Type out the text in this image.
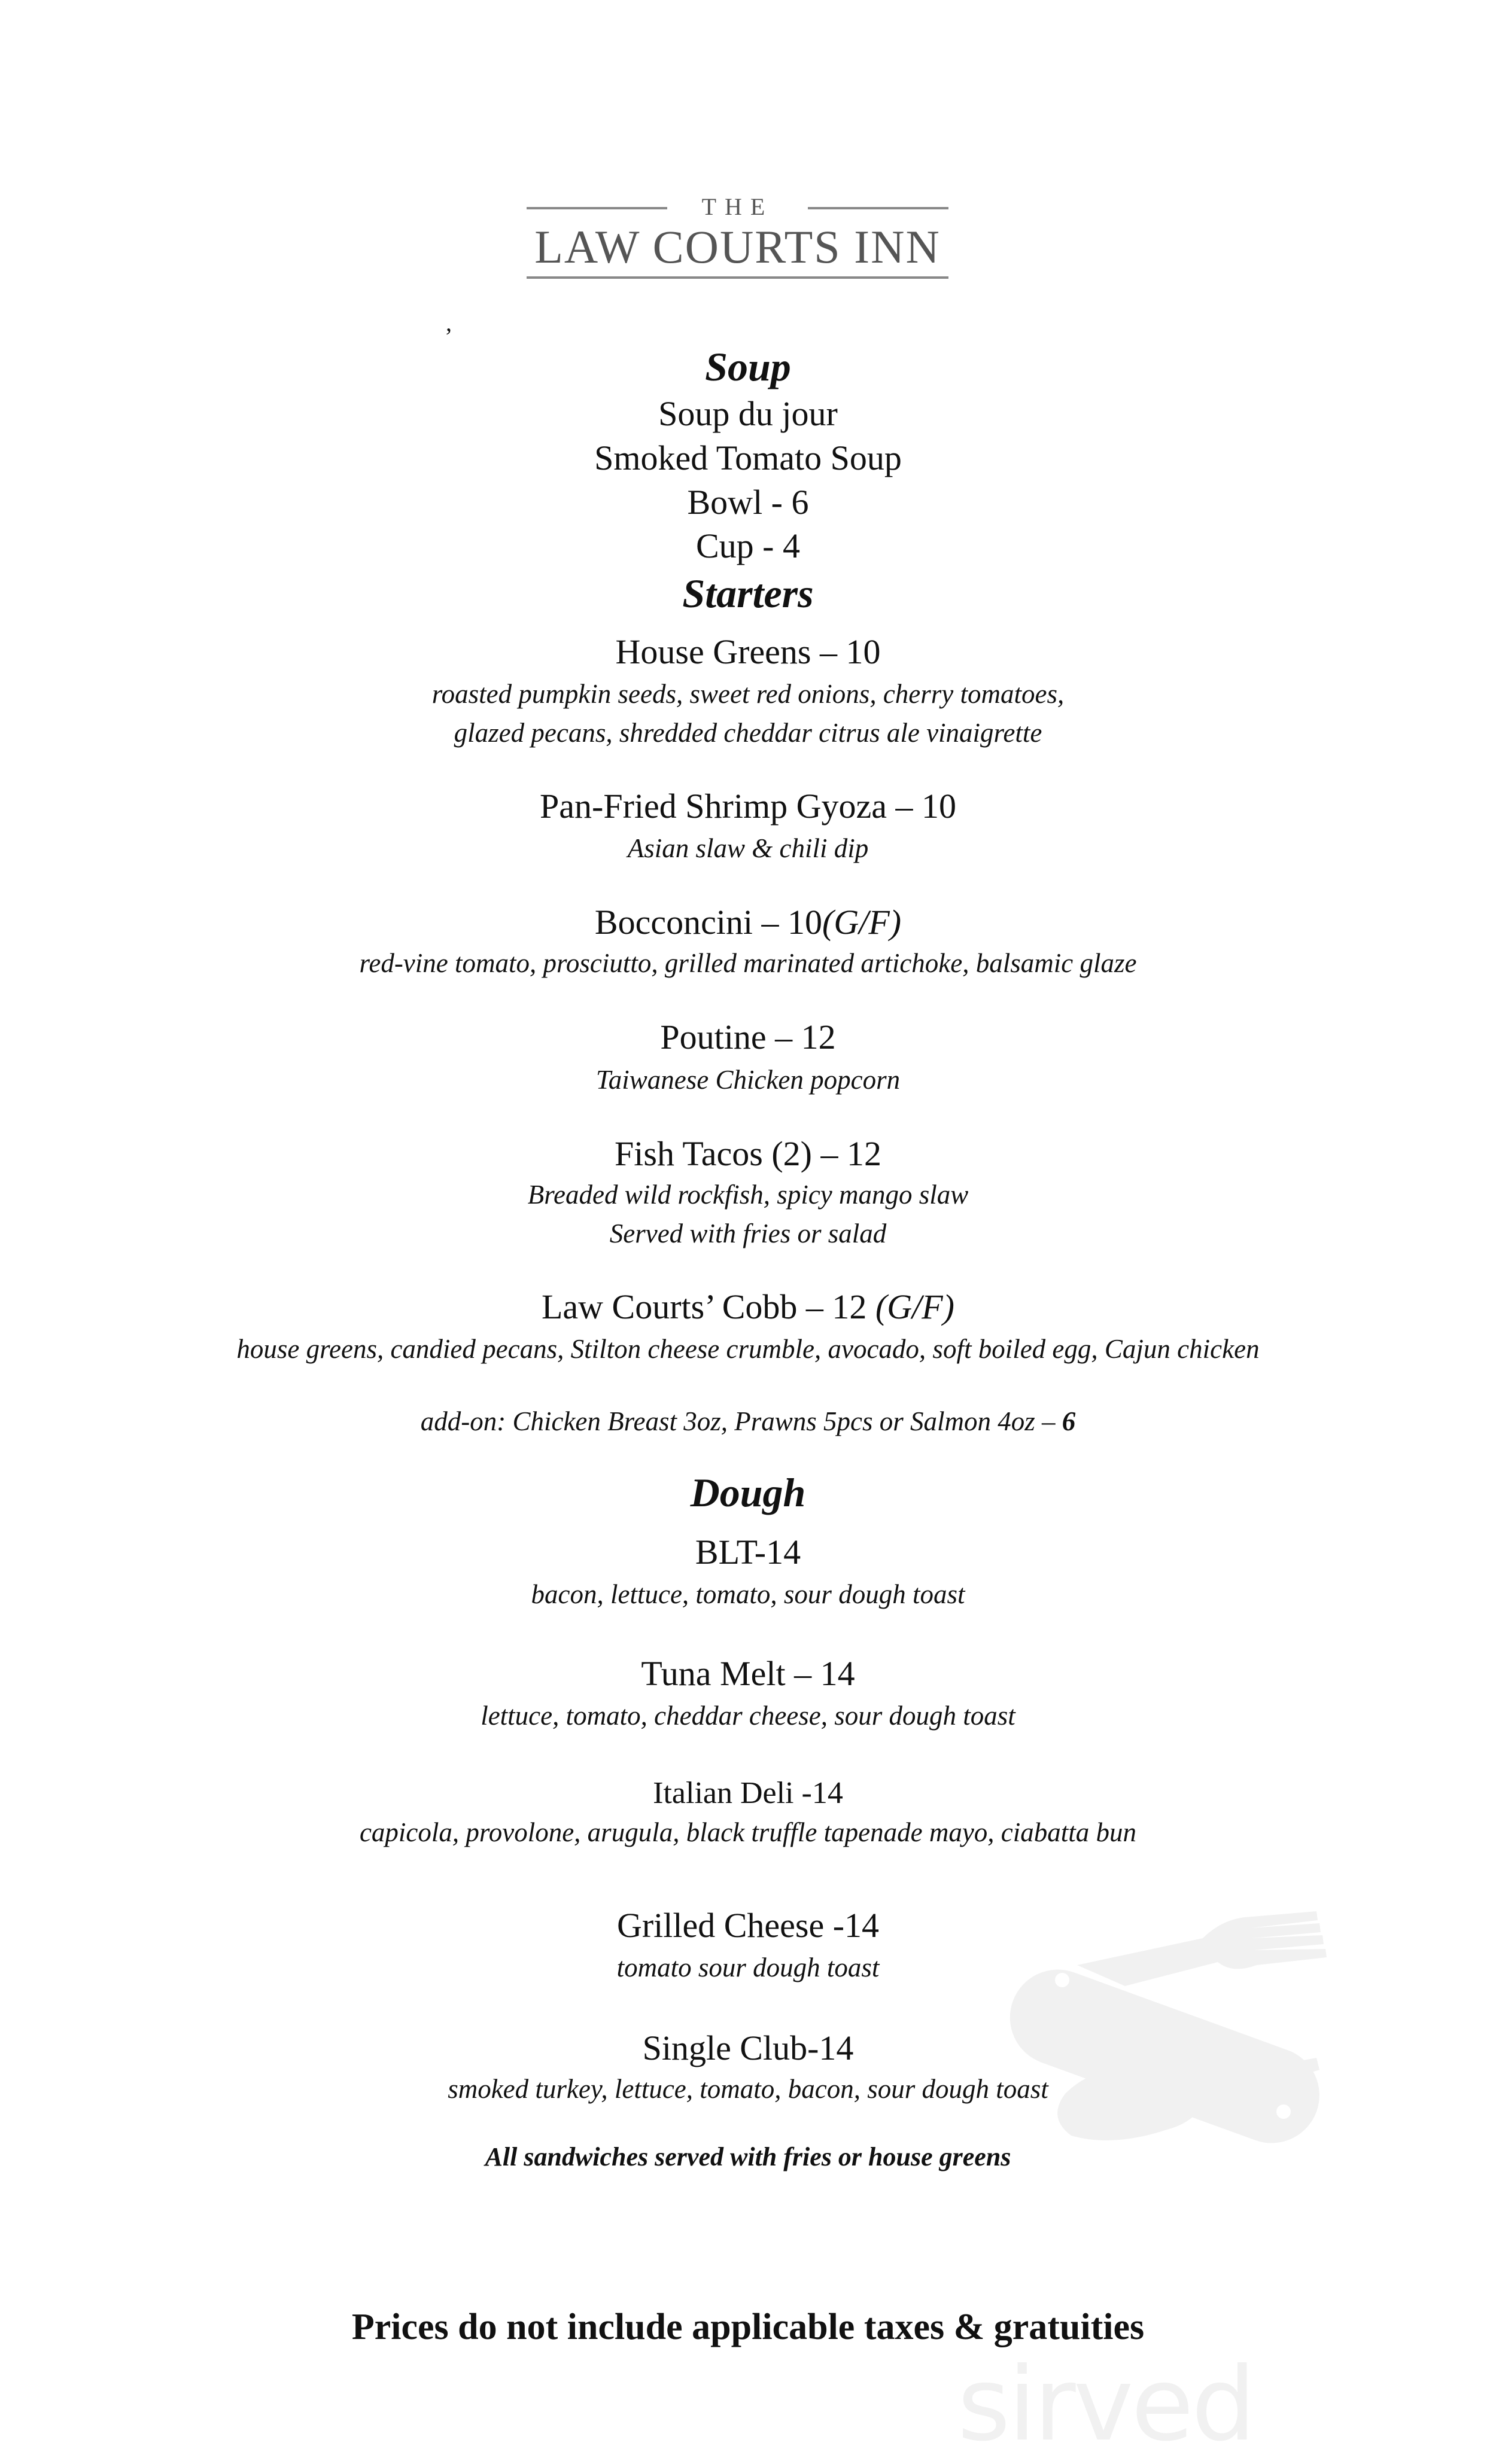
sirved
THE
LAW COURTS INN
,
Soup
Soup du jour
Smoked Tomato Soup
Bowl - 6
Cup - 4
Starters
House Greens – 10
roasted pumpkin seeds, sweet red onions, cherry tomatoes,
glazed pecans, shredded cheddar citrus ale vinaigrette
Pan-Fried Shrimp Gyoza – 10
Asian slaw & chili dip
Bocconcini – 10(G/F)
red-vine tomato, prosciutto, grilled marinated artichoke, balsamic glaze
Poutine – 12
Taiwanese Chicken popcorn
Fish Tacos (2) – 12
Breaded wild rockfish, spicy mango slaw
Served with fries or salad
Law Courts’ Cobb – 12 (G/F)
house greens, candied pecans, Stilton cheese crumble, avocado, soft boiled egg, Cajun chicken
add-on: Chicken Breast 3oz, Prawns 5pcs or Salmon 4oz – 6
Dough
BLT-14
bacon, lettuce, tomato, sour dough toast
Tuna Melt – 14
lettuce, tomato, cheddar cheese, sour dough toast
Italian Deli -14
capicola, provolone, arugula, black truffle tapenade mayo, ciabatta bun
Grilled Cheese -14
tomato sour dough toast
Single Club-14
smoked turkey, lettuce, tomato, bacon, sour dough toast
All sandwiches served with fries or house greens
Prices do not include applicable taxes & gratuities
